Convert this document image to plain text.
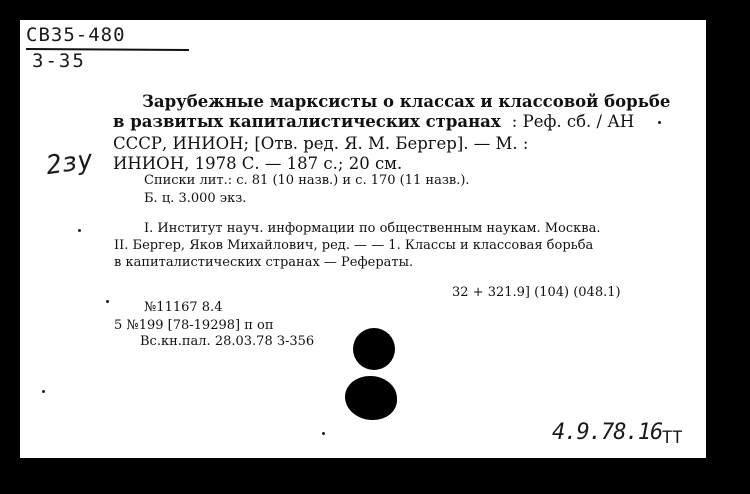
СВ35-480
3-35
2зу
Зарубежные марксисты о классах и классовой борьбе
в развитых капиталистических странах : Реф. сб. / АН
СССР, ИНИОН; [Отв. ред. Я. М. Бергер]. — М. :
ИНИОН, 1978 С. — 187 с.; 20 см.
Списки лит.: с. 81 (10 назв.) и с. 170 (11 назв.).
Б. ц. 3.000 экз.
I. Институт науч. информации по общественным наукам. Москва.
II. Бергер, Яков Михайлович, ред. — — 1. Классы и классовая борьба
в капиталистических странах — Рефераты.
32 + 321.9] (104) (048.1)
№11167 8.4
5 №199 [78-19298] п оп
Вс.кн.пал. 28.03.78 З-356
4.9.78.16 ТТ
